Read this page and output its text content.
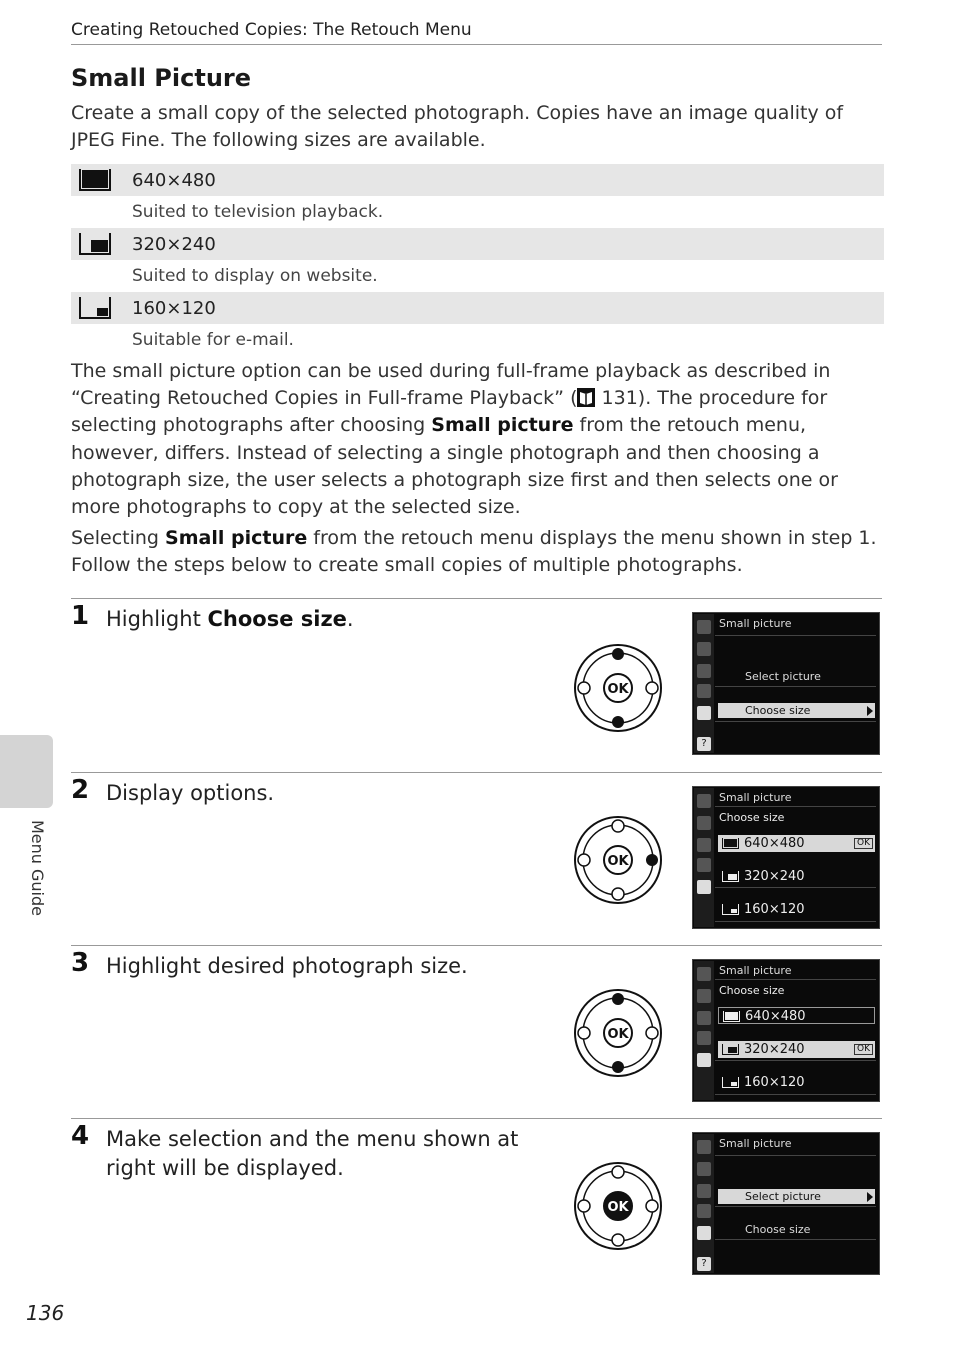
Creating Retouched Copies: The Retouch Menu
Small Picture
Create a small copy of the selected photograph. Copies have an image quality of JPEG Fine. The following sizes are available.
640×480
Suited to television playback.
320×240
Suited to display on website.
160×120
Suitable for e-mail.
The small picture option can be used during full-frame playback as described in “Creating Retouched Copies in Full-frame Playback” ( 131). The procedure for selecting photographs after choosing Small picture from the retouch menu, however, differs. Instead of selecting a single photograph and then choosing a photograph size, the user selects a photograph size first and then selects one or more photographs to copy at the selected size.
Selecting Small picture from the retouch menu displays the menu shown in step 1. Follow the steps below to create small copies of multiple photographs.
1 Highlight Choose size.
OK
?
Small picture
Select picture
Choose size
2 Display options.
OK
Small picture
Choose size
640×480	OK
320×240
160×120
3 Highlight desired photograph size.
OK
Small picture
Choose size
640×480
320×240	OK
160×120
4 Make selection and the menu shown at right will be displayed.
OK
?
Small picture
Select picture
Choose size
Menu Guide
136
